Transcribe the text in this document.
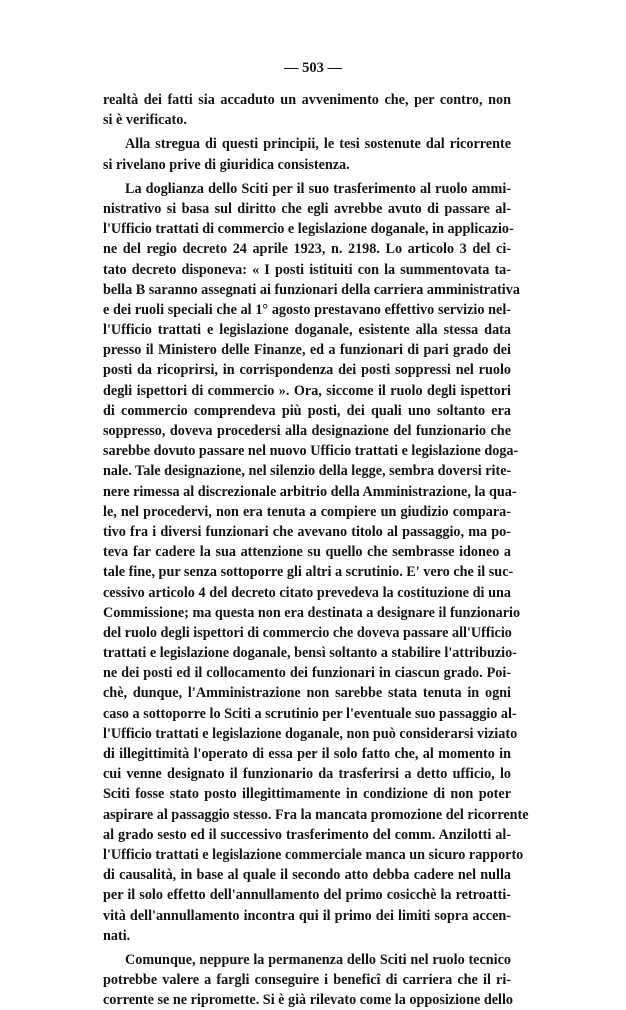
— 503 —
realtà dei fatti sia accaduto un avvenimento che, per contro, non
si è verificato.
Alla stregua di questi principii, le tesi sostenute dal ricorrente
si rivelano prive di giuridica consistenza.
La doglianza dello Sciti per il suo trasferimento al ruolo ammi-
nistrativo si basa sul diritto che egli avrebbe avuto di passare al-
l'Ufficio trattati di commercio e legislazione doganale, in applicazio-
ne del regio decreto 24 aprile 1923, n. 2198. Lo articolo 3 del ci-
tato decreto disponeva: « I posti istituiti con la summentovata ta-
bella B saranno assegnati ai funzionari della carriera amministrativa
e dei ruoli speciali che al 1° agosto prestavano effettivo servizio nel-
l'Ufficio trattati e legislazione doganale, esistente alla stessa data
presso il Ministero delle Finanze, ed a funzionari di pari grado dei
posti da ricoprirsi, in corrispondenza dei posti soppressi nel ruolo
degli ispettori di commercio ». Ora, siccome il ruolo degli ispettori
di commercio comprendeva più posti, dei quali uno soltanto era
soppresso, doveva procedersi alla designazione del funzionario che
sarebbe dovuto passare nel nuovo Ufficio trattati e legislazione doga-
nale. Tale designazione, nel silenzio della legge, sembra doversi rite-
nere rimessa al discrezionale arbitrio della Amministrazione, la qua-
le, nel procedervi, non era tenuta a compiere un giudizio compara-
tivo fra i diversi funzionari che avevano titolo al passaggio, ma po-
teva far cadere la sua attenzione su quello che sembrasse idoneo a
tale fine, pur senza sottoporre gli altri a scrutinio. E' vero che il suc-
cessivo articolo 4 del decreto citato prevedeva la costituzione di una
Commissione; ma questa non era destinata a designare il funzionario
del ruolo degli ispettori di commercio che doveva passare all'Ufficio
trattati e legislazione doganale, bensì soltanto a stabilire l'attribuzio-
ne dei posti ed il collocamento dei funzionari in ciascun grado. Poi-
chè, dunque, l'Amministrazione non sarebbe stata tenuta in ogni
caso a sottoporre lo Sciti a scrutinio per l'eventuale suo passaggio al-
l'Ufficio trattati e legislazione doganale, non può considerarsi viziato
di illegittimità l'operato di essa per il solo fatto che, al momento in
cui venne designato il funzionario da trasferirsi a detto ufficio, lo
Sciti fosse stato posto illegittimamente in condizione di non poter
aspirare al passaggio stesso. Fra la mancata promozione del ricorrente
al grado sesto ed il successivo trasferimento del comm. Anzilotti al-
l'Ufficio trattati e legislazione commerciale manca un sicuro rapporto
di causalità, in base al quale il secondo atto debba cadere nel nulla
per il solo effetto dell'annullamento del primo cosicchè la retroatti-
vità dell'annullamento incontra qui il primo dei limiti sopra accen-
nati.
Comunque, neppure la permanenza dello Sciti nel ruolo tecnico
potrebbe valere a fargli conseguire i beneficî di carriera che il ri-
corrente se ne ripromette. Si è già rilevato come la opposizione dello
